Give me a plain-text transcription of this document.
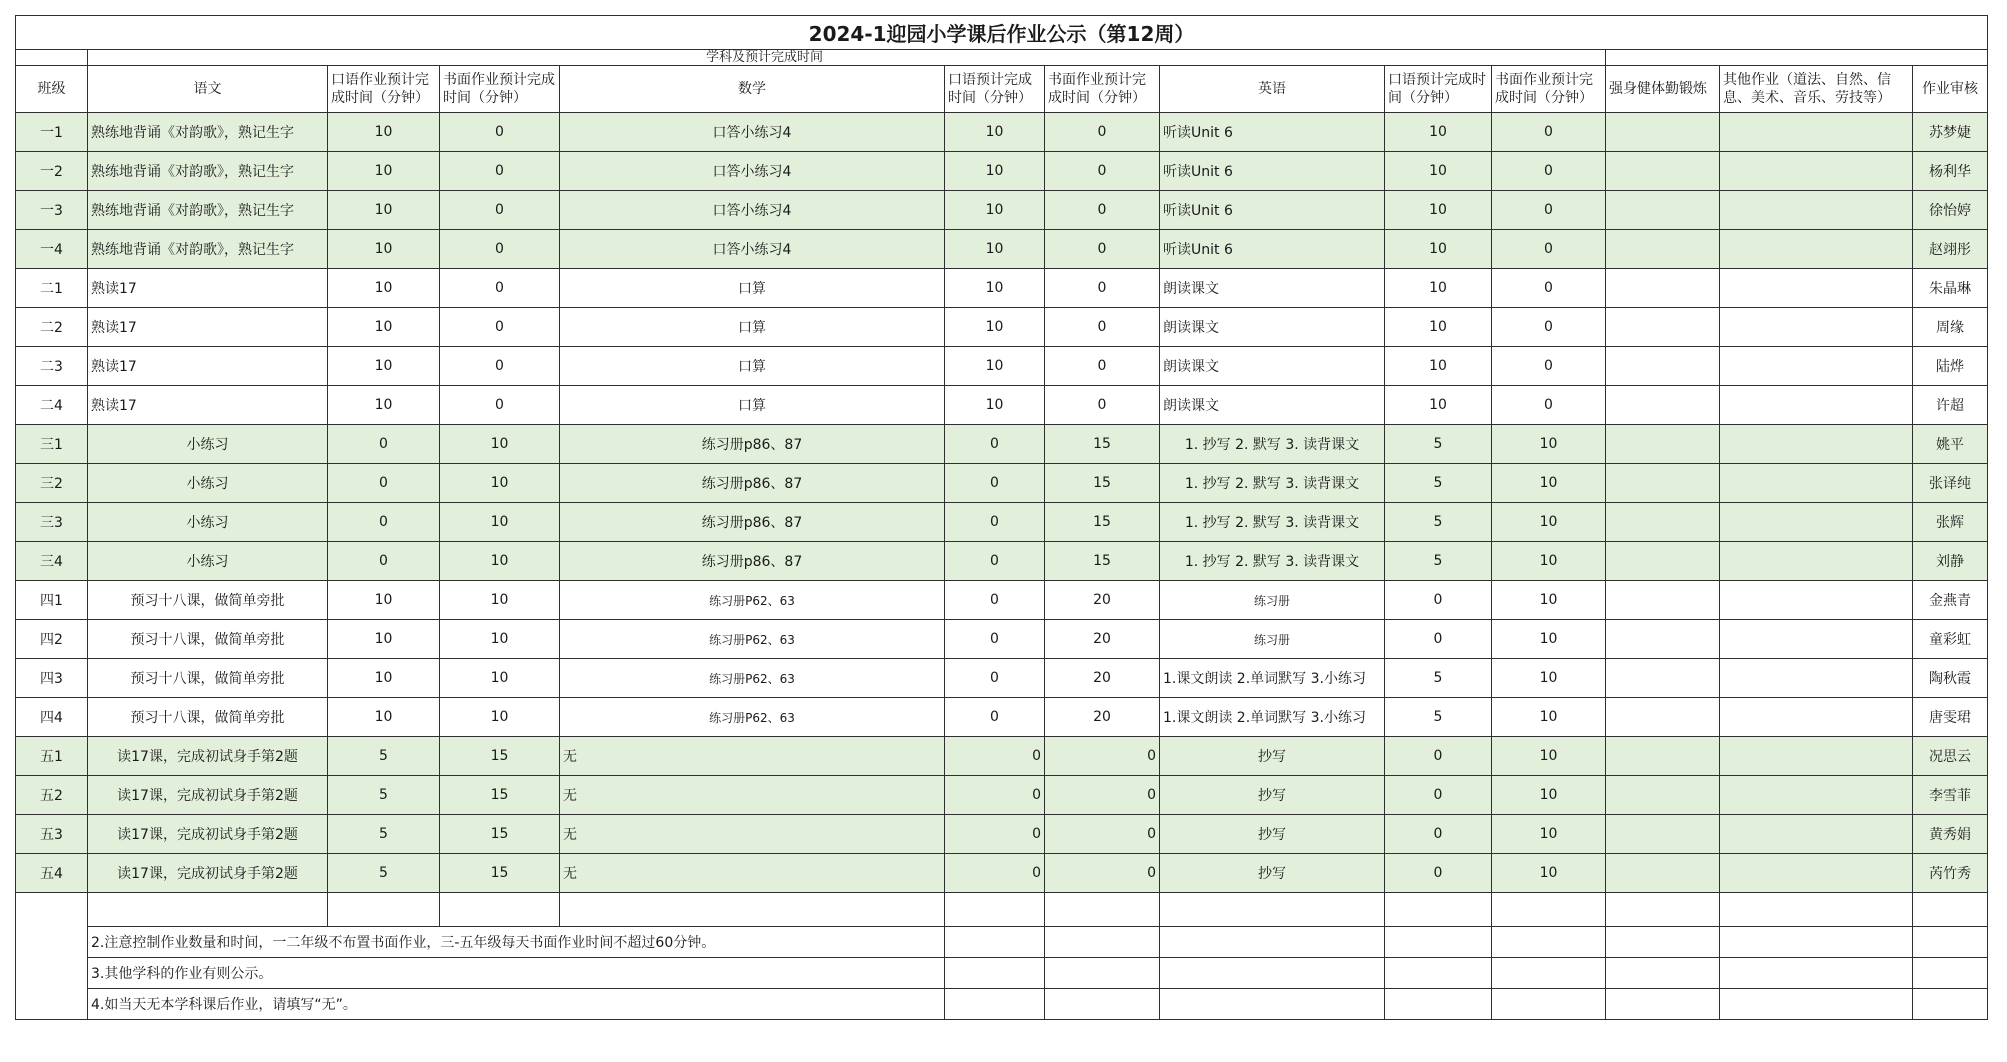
2024-1迎园小学课后作业公示（第12周）												
	学科及预计完成时间											
班级	语文	口语作业预计完成时间（分钟）	书面作业预计完成时间（分钟）	数学	口语预计完成时间（分钟）	书面作业预计完成时间（分钟）	英语	口语预计完成时间（分钟）	书面作业预计完成时间（分钟）	强身健体勤锻炼	其他作业（道法、自然、信息、美术、音乐、劳技等）	作业审核
一1	熟练地背诵《对韵歌》，熟记生字	10	0	口答小练习4	10	0	听读Unit 6	10	0			苏梦婕
一2	熟练地背诵《对韵歌》，熟记生字	10	0	口答小练习4	10	0	听读Unit 6	10	0			杨利华
一3	熟练地背诵《对韵歌》，熟记生字	10	0	口答小练习4	10	0	听读Unit 6	10	0			徐怡婷
一4	熟练地背诵《对韵歌》，熟记生字	10	0	口答小练习4	10	0	听读Unit 6	10	0			赵翊彤
二1	熟读17	10	0	口算	10	0	朗读课文	10	0			朱晶琳
二2	熟读17	10	0	口算	10	0	朗读课文	10	0			周缘
二3	熟读17	10	0	口算	10	0	朗读课文	10	0			陆烨
二4	熟读17	10	0	口算	10	0	朗读课文	10	0			许超
三1	小练习	0	10	练习册p86、87	0	15	1. 抄写 2. 默写 3. 读背课文	5	10			姚平
三2	小练习	0	10	练习册p86、87	0	15	1. 抄写 2. 默写 3. 读背课文	5	10			张译纯
三3	小练习	0	10	练习册p86、87	0	15	1. 抄写 2. 默写 3. 读背课文	5	10			张辉
三4	小练习	0	10	练习册p86、87	0	15	1. 抄写 2. 默写 3. 读背课文	5	10			刘静
四1	预习十八课，做简单旁批	10	10	练习册P62、63	0	20	练习册	0	10			金燕青
四2	预习十八课，做简单旁批	10	10	练习册P62、63	0	20	练习册	0	10			童彩虹
四3	预习十八课，做简单旁批	10	10	练习册P62、63	0	20	1.课文朗读 2.单词默写 3.小练习	5	10			陶秋霞
四4	预习十八课，做简单旁批	10	10	练习册P62、63	0	20	1.课文朗读 2.单词默写 3.小练习	5	10			唐雯珺
五1	读17课，完成初试身手第2题	5	15	无	0	0	抄写	0	10			况思云
五2	读17课，完成初试身手第2题	5	15	无	0	0	抄写	0	10			李雪菲
五3	读17课，完成初试身手第2题	5	15	无	0	0	抄写	0	10			黄秀娟
五4	读17课，完成初试身手第2题	5	15	无	0	0	抄写	0	10			芮竹秀

	2.注意控制作业数量和时间，一二年级不布置书面作业，三-五年级每天书面作业时间不超过60分钟。											
	3.其他学科的作业有则公示。											
	4.如当天无本学科课后作业，请填写“无”。											
